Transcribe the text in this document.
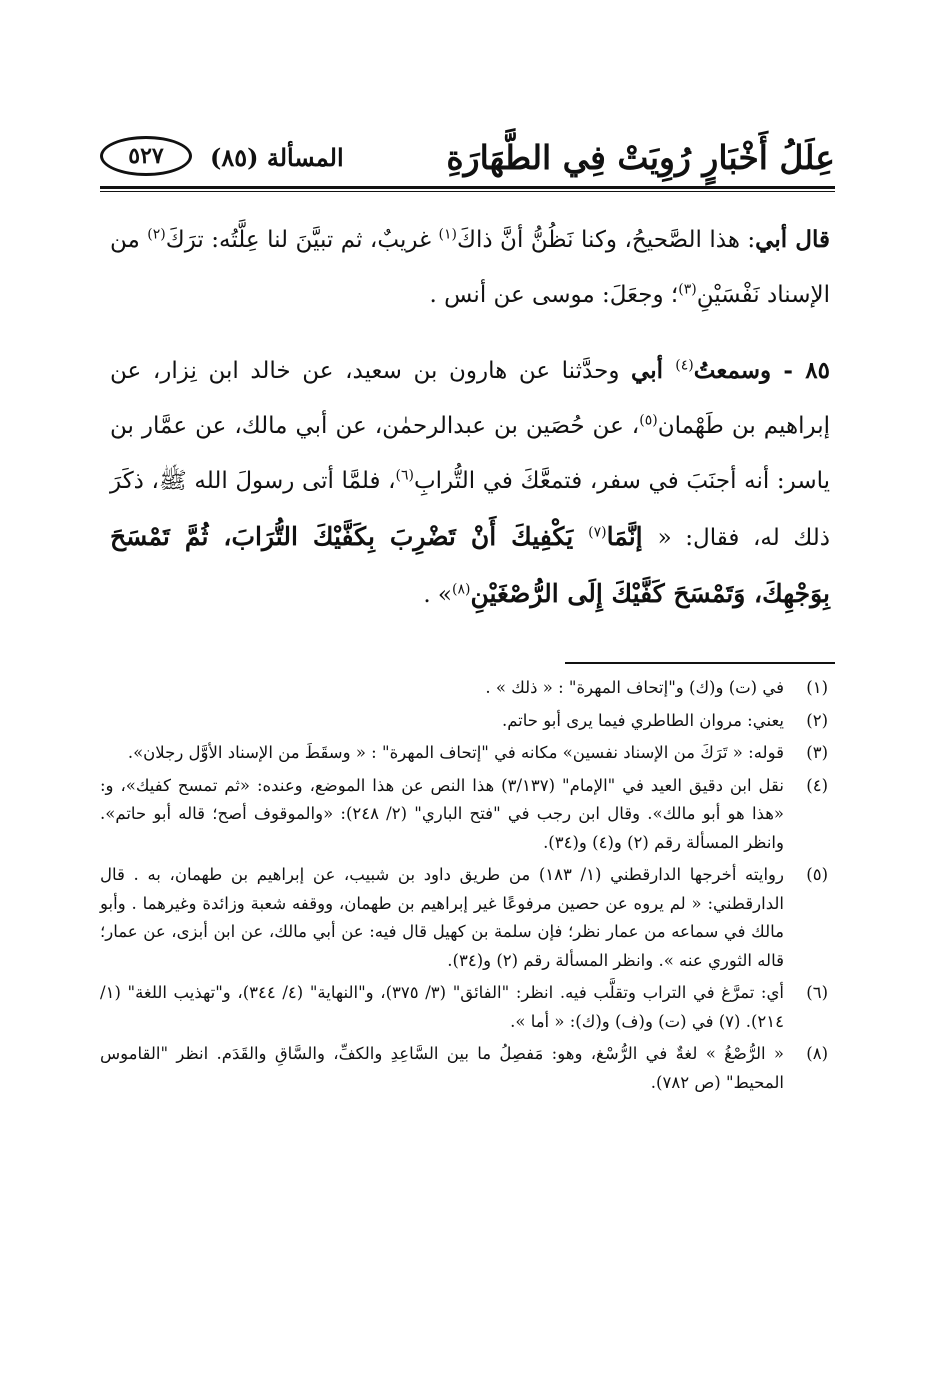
عِلَلُ أَخْبَارٍ رُوِيَتْ فِي الطَّهَارَةِ
المسألة (٨٥)
٥٢٧

قال أبي: هذا الصَّحيحُ، وكنا نَظُنُّ أنَّ ذاكَ$^{(١)}$ غريبٌ، ثم تبيَّنَ لنا عِلَّتُه: ترَكَ$^{(٢)}$ من الإسناد نَفْسَيْنِ$^{(٣)}$؛ وجعَلَ: موسى عن أنس .

٨٥ - وسمعتُ$^{(٤)}$ أبي وحدَّثنا عن هارون بن سعيد، عن خالد ابن نِزار، عن إبراهيم بن طَهْمان$^{(٥)}$، عن حُصَين بن عبدالرحمٰن، عن أبي مالك، عن عمَّار بن ياسر: أنه أجنَبَ في سفر، فتمعَّكَ في التُّرابِ$^{(٦)}$، فلمَّا أتى رسولَ الله ﷺ، ذكَرَ ذلك له، فقال: « إنَّمَا$^{(٧)}$ يَكْفِيكَ أَنْ تَضْرِبَ بِكَفَّيْكَ التُّرَابَ، ثُمَّ تَمْسَحَ بِوَجْهِكَ، وَتَمْسَحَ كَفَّيْكَ إِلَى الرُّصْغَيْنِ$^{(٨)}$» .

(١)
في (ت) و(ك) و"إتحاف المهرة" : « ذلك » .
(٢)
يعني: مروان الطاطري فيما يرى أبو حاتم.
(٣)
قوله: « تَرَكَ من الإسناد نفسين» مكانه في "إتحاف المهرة" : « وسقَطَ من الإسناد الأوَّل رجلان».
(٤)
نقل ابن دقيق العيد في "الإمام" (٣/١٣٧) هذا النص عن هذا الموضع، وعنده: «ثم تمسح كفيك»، و: «هذا هو أبو مالك». وقال ابن رجب في "فتح الباري" (٢/ ٢٤٨): «والموقوف أصح؛ قاله أبو حاتم». وانظر المسألة رقم (٢) و(٤) و(٣٤).
(٥)
روايته أخرجها الدارقطني (١/ ١٨٣) من طريق داود بن شبيب، عن إبراهيم بن طهمان، به . قال الدارقطني: « لم يروه عن حصين مرفوعًا غير إبراهيم بن طهمان، ووقفه شعبة وزائدة وغيرهما . وأبو مالك في سماعه من عمار نظر؛ فإن سلمة بن كهيل قال فيه: عن أبي مالك، عن ابن أبزى، عن عمار؛ قاله الثوري عنه ». وانظر المسألة رقم (٢) و(٣٤).
(٦)
أي: تمرَّغ في التراب وتقلَّب فيه. انظر: "الفائق" (٣/ ٣٧٥)، و"النهاية" (٤/ ٣٤٤)، و"تهذيب اللغة" (١/ ٢١٤). (٧) في (ت) و(ف) و(ك): « أما ».
(٨)
« الرُّصْغُ » لغةٌ في الرُّسْغ، وهو: مَفصِلُ ما بين السَّاعِدِ والكفِّ، والسَّاقِ والقَدَم. انظر "القاموس المحيط" (ص ٧٨٢).
